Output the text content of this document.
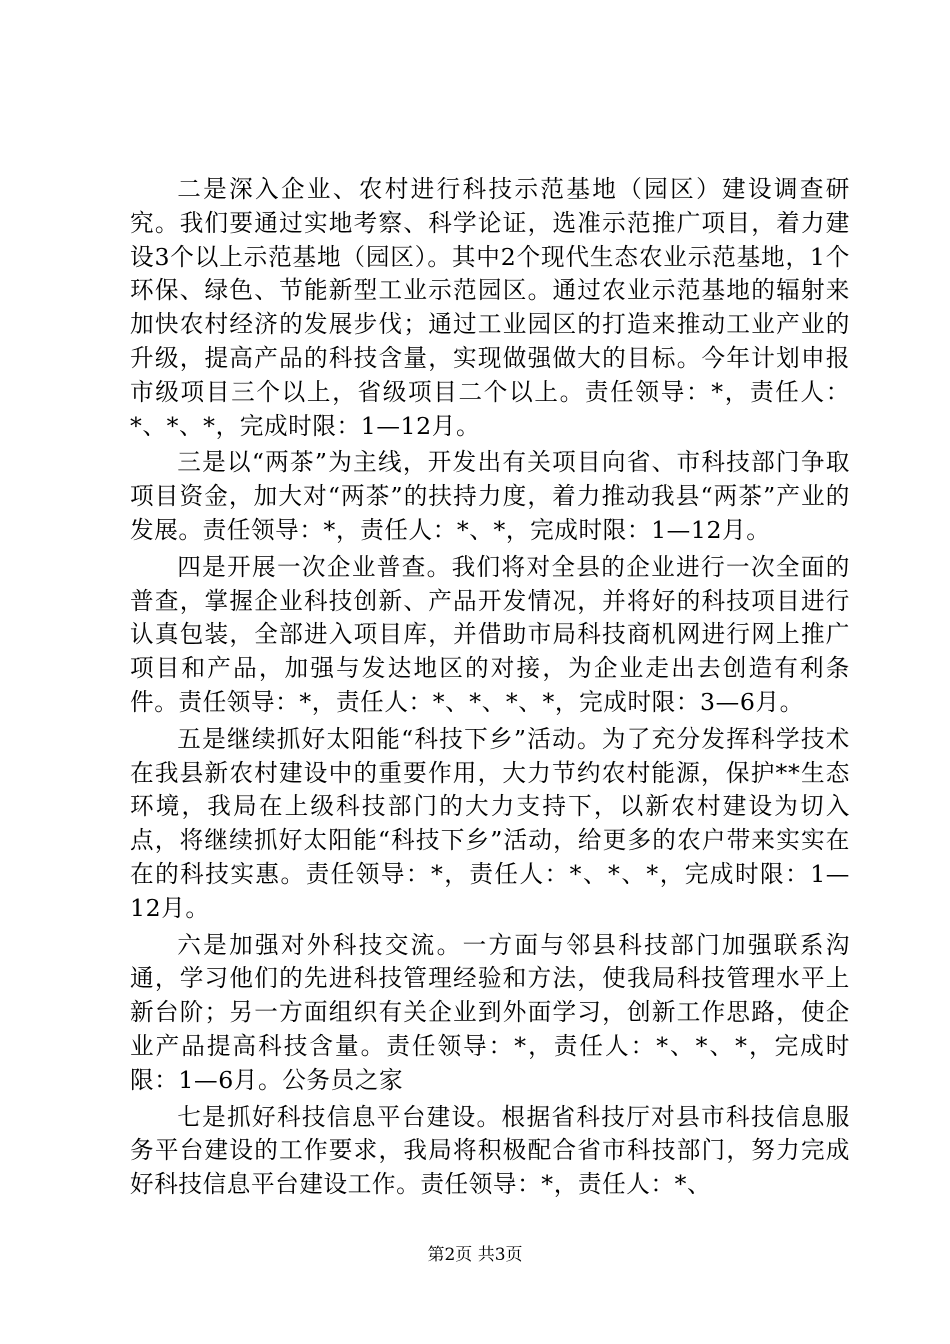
二是深入企业、农村进行科技示范基地（园区）建设调查研究。我们要通过实地考察、科学论证，选准示范推广项目，着力建设3个以上示范基地（园区）。其中2个现代生态农业示范基地，1个环保、绿色、节能新型工业示范园区。通过农业示范基地的辐射来加快农村经济的发展步伐；通过工业园区的打造来推动工业产业的升级，提高产品的科技含量，实现做强做大的目标。今年计划申报市级项目三个以上，省级项目二个以上。责任领导：*，责任人：*、*、*，完成时限：1—12月。

三是以“两茶”为主线，开发出有关项目向省、市科技部门争取项目资金，加大对“两茶”的扶持力度，着力推动我县“两茶”产业的发展。责任领导：*，责任人：*、*，完成时限：1—12月。

四是开展一次企业普查。我们将对全县的企业进行一次全面的普查，掌握企业科技创新、产品开发情况，并将好的科技项目进行认真包装，全部进入项目库，并借助市局科技商机网进行网上推广项目和产品，加强与发达地区的对接，为企业走出去创造有利条件。责任领导：*，责任人：*、*、*、*，完成时限：3—6月。

五是继续抓好太阳能“科技下乡”活动。为了充分发挥科学技术在我县新农村建设中的重要作用，大力节约农村能源，保护**生态环境，我局在上级科技部门的大力支持下，以新农村建设为切入点，将继续抓好太阳能“科技下乡”活动，给更多的农户带来实实在在的科技实惠。责任领导：*，责任人：*、*、*，完成时限：1—12月。

六是加强对外科技交流。一方面与邻县科技部门加强联系沟通，学习他们的先进科技管理经验和方法，使我局科技管理水平上新台阶；另一方面组织有关企业到外面学习，创新工作思路，使企业产品提高科技含量。责任领导：*，责任人：*、*、*，完成时限：1—6月。公务员之家

七是抓好科技信息平台建设。根据省科技厅对县市科技信息服务平台建设的工作要求，我局将积极配合省市科技部门，努力完成好科技信息平台建设工作。责任领导：*，责任人：*、

第2页 共3页
